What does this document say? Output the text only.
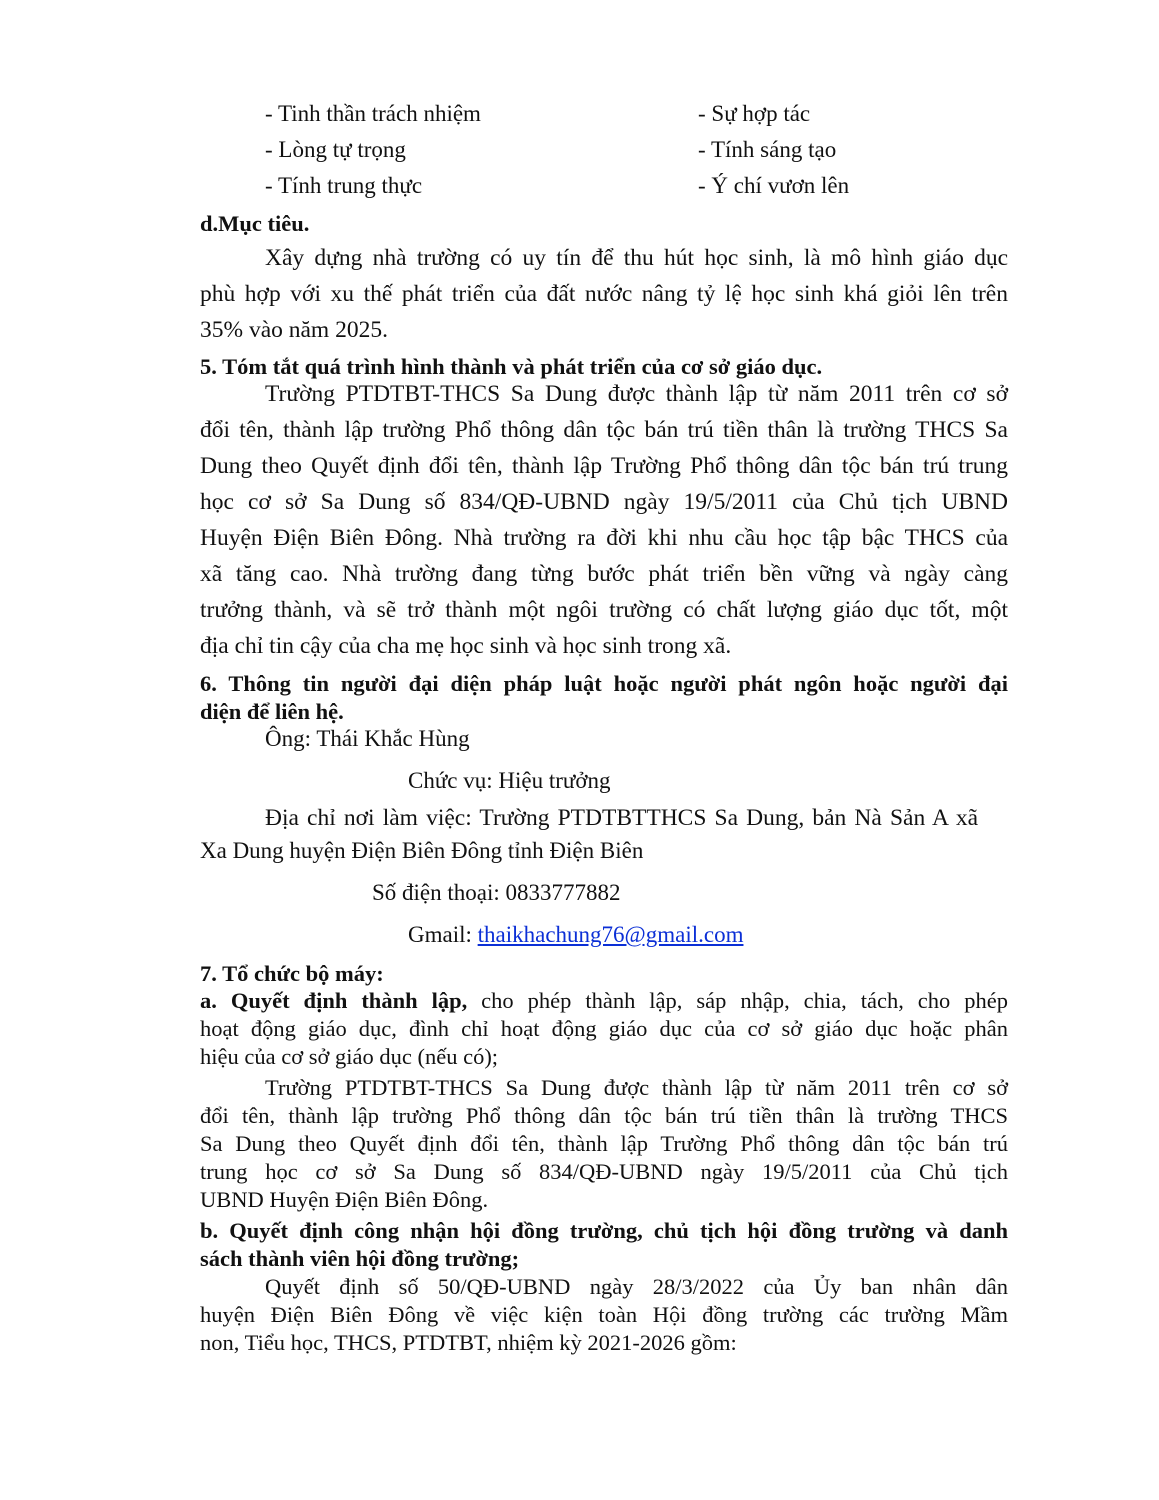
- Tinh thần trách nhiệm	- Sự hợp tác
- Lòng tự trọng	- Tính sáng tạo
- Tính trung thực	- Ý chí vươn lên
d.Mục tiêu.
Xây dựng nhà trường có uy tín để thu hút học sinh, là mô hình giáo dục
phù hợp với xu thế phát triển của đất nước nâng tỷ lệ học sinh khá giỏi lên trên
35% vào năm 2025.
5. Tóm tắt quá trình hình thành và phát triển của cơ sở giáo dục.
Trường PTDTBT-THCS Sa Dung được thành lập từ năm 2011 trên cơ sở
đổi tên, thành lập trường Phổ thông dân tộc bán trú tiền thân là trường THCS Sa
Dung theo Quyết định đổi tên, thành lập Trường Phổ thông dân tộc bán trú trung
học cơ sở Sa Dung số 834/QĐ-UBND ngày 19/5/2011 của Chủ tịch UBND
Huyện Điện Biên Đông. Nhà trường ra đời khi nhu cầu học tập bậc THCS của
xã tăng cao. Nhà trường đang từng bước phát triển bền vững và ngày càng
trưởng thành, và sẽ trở thành một ngôi trường có chất lượng giáo dục tốt, một
địa chỉ tin cậy của cha mẹ học sinh và học sinh trong xã.
6. Thông tin người đại diện pháp luật hoặc người phát ngôn hoặc người đại
diện để liên hệ.
Ông: Thái Khắc Hùng
Chức vụ: Hiệu trưởng
Địa chỉ nơi làm việc: Trường PTDTBTTHCS Sa Dung, bản Nà Sản A xã
Xa Dung huyện Điện Biên Đông tỉnh Điện Biên
Số điện thoại: 0833777882
Gmail: thaikhachung76@gmail.com
7. Tổ chức bộ máy:
a. Quyết định thành lập, cho phép thành lập, sáp nhập, chia, tách, cho phép
hoạt động giáo dục, đình chỉ hoạt động giáo dục của cơ sở giáo dục hoặc phân
hiệu của cơ sở giáo dục (nếu có);
Trường PTDTBT-THCS Sa Dung được thành lập từ năm 2011 trên cơ sở
đổi tên, thành lập trường Phổ thông dân tộc bán trú tiền thân là trường THCS
Sa Dung theo Quyết định đổi tên, thành lập Trường Phổ thông dân tộc bán trú
trung học cơ sở Sa Dung số 834/QĐ-UBND ngày 19/5/2011 của Chủ tịch
UBND Huyện Điện Biên Đông.
b. Quyết định công nhận hội đồng trường, chủ tịch hội đồng trường và danh
sách thành viên hội đồng trường;
Quyết định số 50/QĐ-UBND ngày 28/3/2022 của Ủy ban nhân dân
huyện Điện Biên Đông về việc kiện toàn Hội đồng trường các trường Mầm
non, Tiểu học, THCS, PTDTBT, nhiệm kỳ 2021-2026 gồm:
